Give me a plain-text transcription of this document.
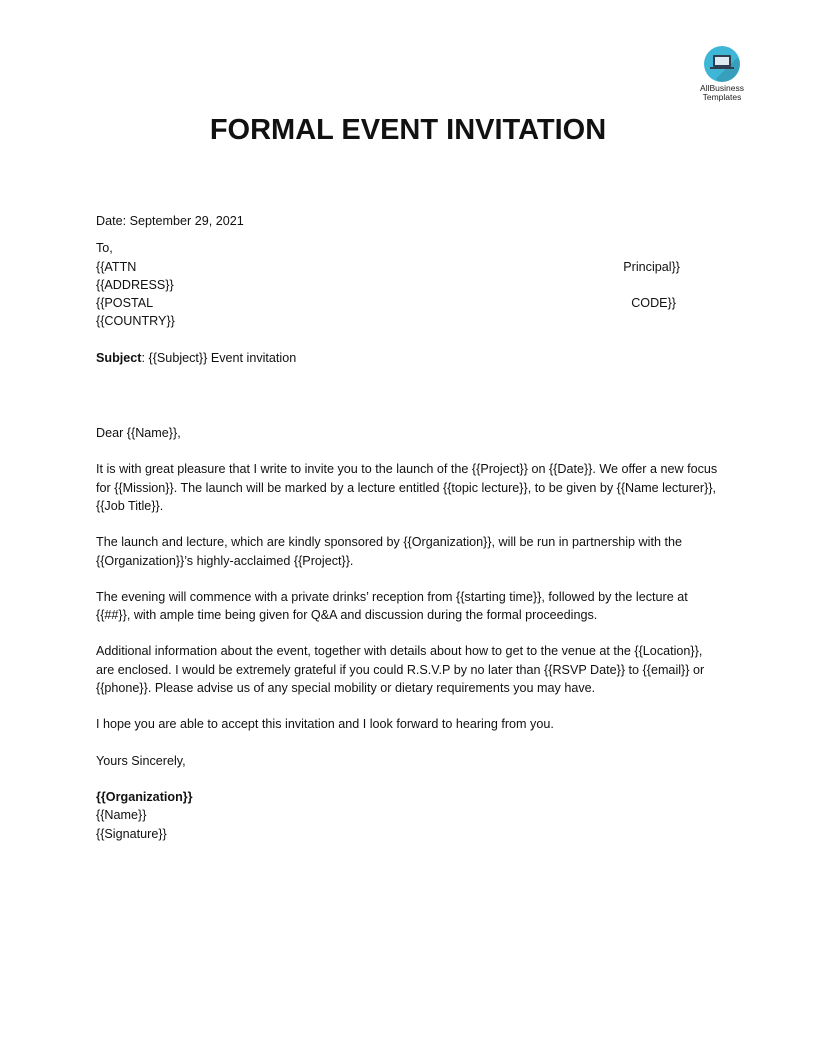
AllBusiness
Templates
FORMAL EVENT INVITATION
Date: September 29, 2021
To,
{{ATTN	Principal}}
{{ADDRESS}}
{{POSTAL	CODE}}
{{COUNTRY}}
Subject: {{Subject}} Event invitation
Dear {{Name}},

It is with great pleasure that I write to invite you to the launch of the {{Project}} on {{Date}}. We offer a new focus for {{Mission}}. The launch will be marked by a lecture entitled {{topic lecture}}, to be given by {{Name lecturer}}, {{Job Title}}.

The launch and lecture, which are kindly sponsored by {{Organization}}, will be run in partnership with the {{Organization}}’s highly-acclaimed {{Project}}.

The evening will commence with a private drinks’ reception from {{starting time}}, followed by the lecture at {{##}}, with ample time being given for Q&A and discussion during the formal proceedings.

Additional information about the event, together with details about how to get to the venue at the {{Location}}, are enclosed. I would be extremely grateful if you could R.S.V.P by no later than {{RSVP Date}} to {{email}} or {{phone}}. Please advise us of any special mobility or dietary requirements you may have.

I hope you are able to accept this invitation and I look forward to hearing from you.

Yours Sincerely,
{{Organization}}
{{Name}}
{{Signature}}
